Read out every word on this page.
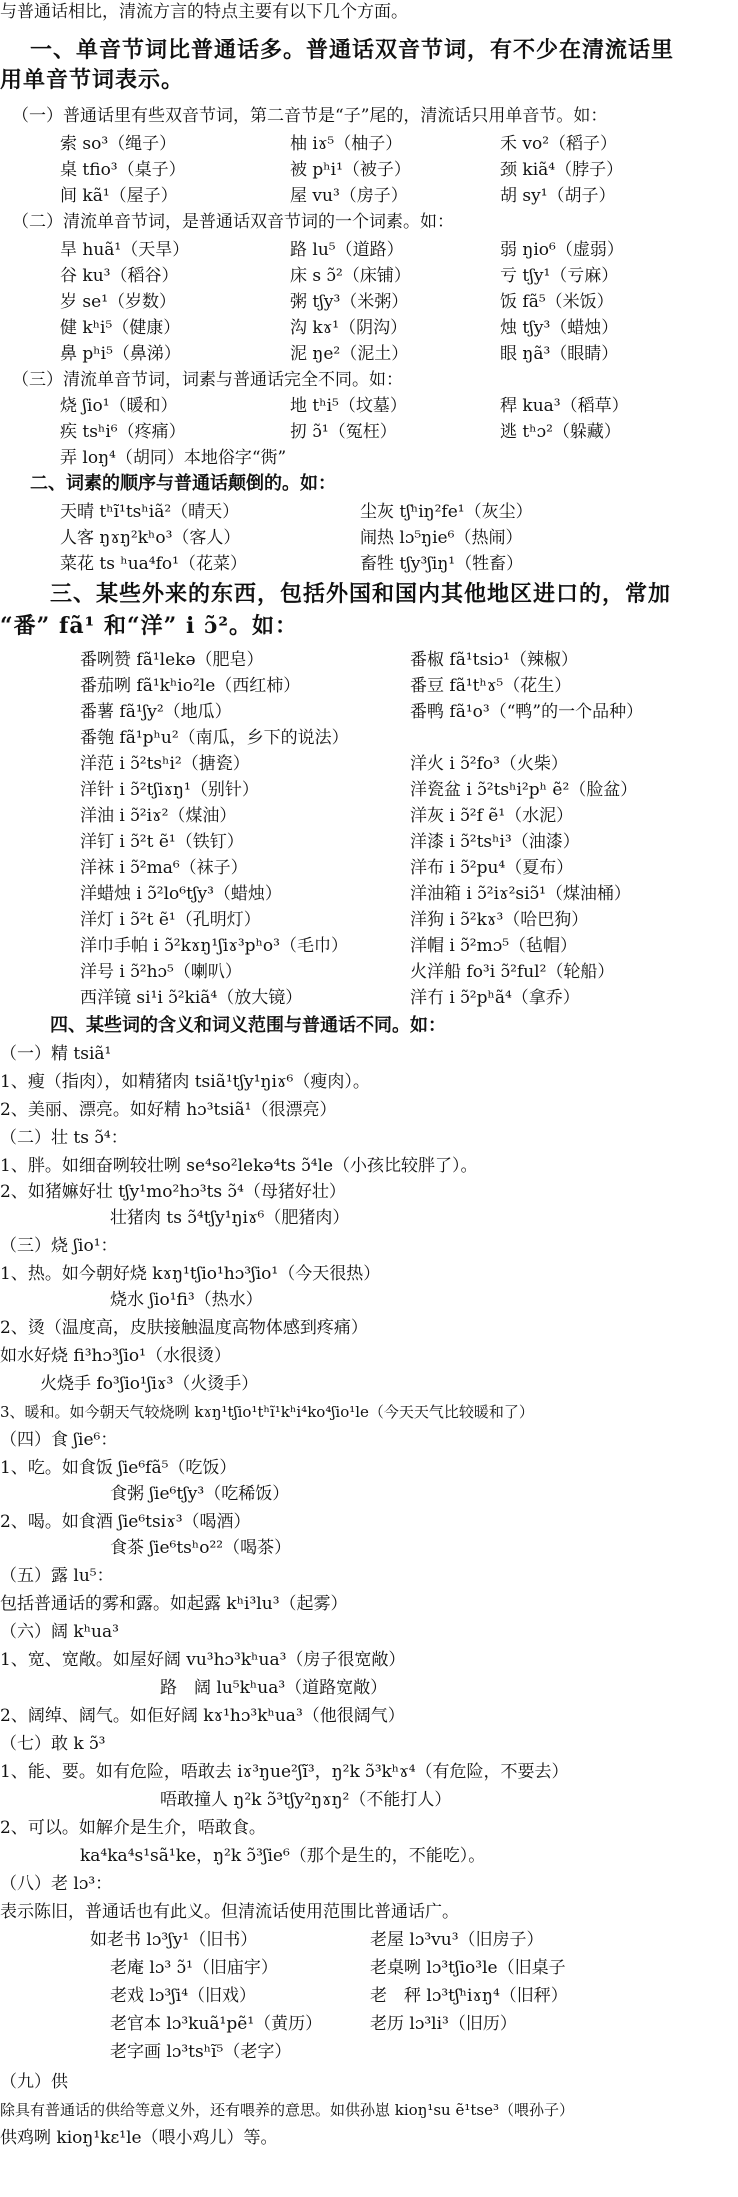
与普通话相比，清流方言的特点主要有以下几个方面。
一、单音节词比普通话多。普通话双音节词，有不少在清流话里
用单音节词表示。
（一）普通话里有些双音节词，第二音节是“子”尾的，清流话只用单音节。如：
索 so³（绳子）	柚 iɤ⁵（柚子）	禾 vo²（稻子）
桌 tfio³（桌子）	被 pʰi¹（被子）	颈 kiã⁴（脖子）
间 kã¹（屋子）	屋 vu³（房子）	胡 sy¹（胡子）
（二）清流单音节词，是普通话双音节词的一个词素。如：
旱 huã¹（天旱）	路 lu⁵（道路）	弱 ŋio⁶（虚弱）
谷 ku³（稻谷）	床 s ɔ̃²（床铺）	亏 tʃy¹（亏麻）
岁 se¹（岁数）	粥 tʃy³（米粥）	饭 fã⁵（米饭）
健 kʰi⁵（健康）	沟 kɤ¹（阴沟）	烛 tʃy³（蜡烛）
鼻 pʰi⁵（鼻涕）	泥 ŋe²（泥土）	眼 ŋã³（眼睛）
（三）清流单音节词，词素与普通话完全不同。如：
烧 ʃio¹（暖和）	地 tʰi⁵（坟墓）	稈 kua³（稻草）
疾 tsʰi⁶（疼痛）	扨 ɔ̃¹（冤枉）	逃 tʰɔ²（躲藏）
弄 loŋ⁴（胡同）本地俗字“衖”
二、词素的顺序与普通话颠倒的。如：
天晴 tʰĩ¹tsʰiã²（晴天）	尘灰 tʃʰiŋ²fe¹（灰尘）
人客 ŋɤŋ²kʰo³（客人）	闹热 lɔ⁵ŋie⁶（热闹）
菜花 ts ʰua⁴fo¹（花菜）	畜牲 tʃy³ʃiŋ¹（牲畜）
三、某些外来的东西，包括外国和国内其他地区进口的，常加
“番” fã¹ 和“洋” i ɔ̃²。如：
番咧赞 fã¹lekə（肥皂）	番椒 fã¹tsiɔ¹（辣椒）
番茄咧 fã¹kʰio²le（西红柿）	番豆 fã¹tʰɤ⁵（花生）
番薯 fã¹ʃy²（地瓜）	番鸭 fã¹o³（“鸭”的一个品种）
番匏 fã¹pʰu²（南瓜，乡下的说法）
洋范 i ɔ̃²tsʰi²（搪瓷）	洋火 i ɔ̃²fo³（火柴）
洋针 i ɔ̃²tʃiɤŋ¹（别针）	洋瓷盆 i ɔ̃²tsʰi²pʰ ẽ²（脸盆）
洋油 i ɔ̃²iɤ²（煤油）	洋灰 i ɔ̃²f ẽ¹（水泥）
洋钉 i ɔ̃²t ẽ¹（铁钉）	洋漆 i ɔ̃²tsʰi³（油漆）
洋袜 i ɔ̃²ma⁶（袜子）	洋布 i ɔ̃²pu⁴（夏布）
洋蜡烛 i ɔ̃²lo⁶tʃy³（蜡烛）	洋油箱 i ɔ̃²iɤ²siɔ̃¹（煤油桶）
洋灯 i ɔ̃²t ẽ¹（孔明灯）	洋狗 i ɔ̃²kɤ³（哈巴狗）
洋巾手帕 i ɔ̃²kɤŋ¹ʃiɤ³pʰo³（毛巾）	洋帽 i ɔ̃²mɔ⁵（毡帽）
洋号 i ɔ̃²hɔ⁵（喇叭）	火洋船 fo³i ɔ̃²ful²（轮船）
西洋镜 si¹i ɔ̃²kiã⁴（放大镜）	洋冇 i ɔ̃²pʰã⁴（拿乔）
四、某些词的含义和词义范围与普通话不同。如：
（一）精 tsiã¹
1、瘦（指肉），如精猪肉 tsiã¹tʃy¹ŋiɤ⁶（瘦肉）。
2、美丽、漂亮。如好精 hɔ³tsiã¹（很漂亮）
（二）壮 ts ɔ̃⁴：
1、胖。如细奋咧较壮咧 se⁴so²lekə⁴ts ɔ̃⁴le（小孩比较胖了）。
2、如猪嫲好壮 tʃy¹mo²hɔ³ts ɔ̃⁴（母猪好壮）
壮猪肉 ts ɔ̃⁴tʃy¹ŋiɤ⁶（肥猪肉）
（三）烧 ʃio¹：
1、热。如今朝好烧 kɤŋ¹tʃio¹hɔ³ʃio¹（今天很热）
烧水 ʃio¹fi³（热水）
2、烫（温度高，皮肤接触温度高物体感到疼痛）
如水好烧 fi³hɔ³ʃio¹（水很烫）
火烧手 fo³ʃio¹ʃiɤ³（火烫手）
3、暖和。如今朝天气较烧咧 kɤŋ¹tʃio¹tʰĩ¹kʰi⁴ko⁴ʃio¹le（今天天气比较暖和了）
（四）食 ʃie⁶：
1、吃。如食饭 ʃie⁶fã⁵（吃饭）
食粥 ʃie⁶tʃy³（吃稀饭）
2、喝。如食酒 ʃie⁶tsiɤ³（喝酒）
食茶 ʃie⁶tsʰo²²（喝茶）
（五）露 lu⁵：
包括普通话的雾和露。如起露 kʰi³lu³（起雾）
（六）阔 kʰua³
1、宽、宽敞。如屋好阔 vu³hɔ³kʰua³（房子很宽敞）
路　阔 lu⁵kʰua³（道路宽敞）
2、阔绰、阔气。如佢好阔 kɤ¹hɔ³kʰua³（他很阔气）
（七）敢 k ɔ̃³
1、能、要。如有危险，唔敢去 iɤ³ŋue²ʃĩ³，ŋ²k ɔ̃³kʰɤ⁴（有危险，不要去）
唔敢撞人 ŋ²k ɔ̃³tʃy²ŋɤŋ²（不能打人）
2、可以。如解介是生介，唔敢食。
ka⁴ka⁴s¹sã¹ke，ŋ²k ɔ̃³ʃie⁶（那个是生的，不能吃）。
（八）老 lɔ³：
表示陈旧，普通话也有此义。但清流话使用范围比普通话广。
如老书 lɔ³ʃy¹（旧书）	老屋 lɔ³vu³（旧房子）
老庵 lɔ³ ɔ̃¹（旧庙宇）	老桌咧 lɔ³tʃio³le（旧桌子
老戏 lɔ³ʃi⁴（旧戏）	老　秤 lɔ³tʃʰiɤŋ⁴（旧秤）
老官本 lɔ³kuã¹pẽ¹（黄历）	老历 lɔ³li³（旧历）
老字画 lɔ³tsʰĩ⁵（老字）
（九）供
除具有普通话的供给等意义外，还有喂养的意思。如供孙崽 kioŋ¹su ẽ¹tse³（喂孙子）
供鸡咧 kioŋ¹kɛ¹le（喂小鸡儿）等。
